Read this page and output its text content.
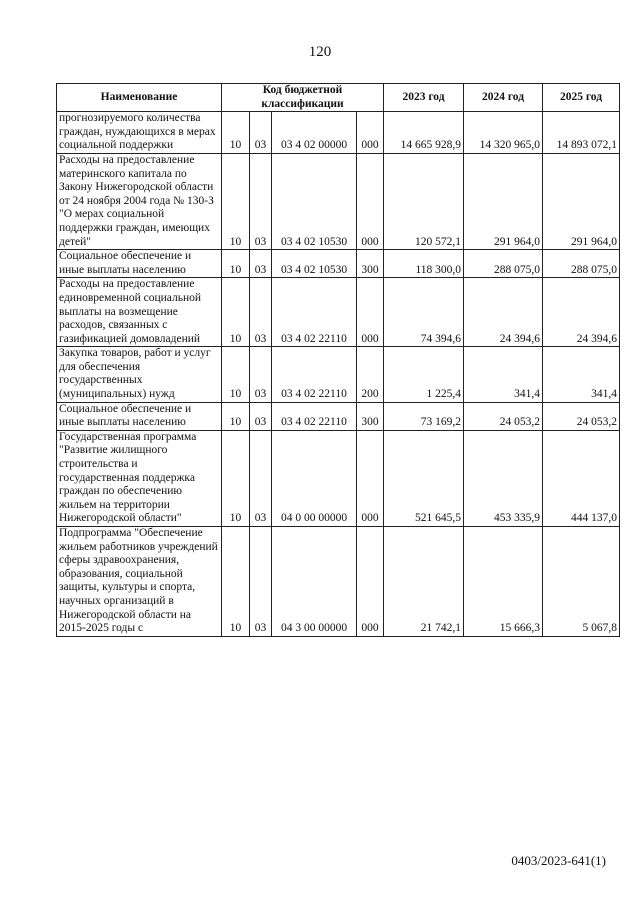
120
Наименование	Код бюджетной классификации				2023 год	2024 год	2025 год
прогнозируемого количества граждан, нуждающихся в мерах социальной поддержки	10	03	03 4 02 00000	000	14 665 928,9	14 320 965,0	14 893 072,1
Расходы на предоставление материнского капитала по Закону Нижегородской области от 24 ноября 2004 года № 130-З "О мерах социальной поддержки граждан, имеющих детей"	10	03	03 4 02 10530	000	120 572,1	291 964,0	291 964,0
Социальное обеспечение и иные выплаты населению	10	03	03 4 02 10530	300	118 300,0	288 075,0	288 075,0
Расходы на предоставление единовременной социальной выплаты на возмещение расходов, связанных с газификацией домовладений	10	03	03 4 02 22110	000	74 394,6	24 394,6	24 394,6
Закупка товаров, работ и услуг для обеспечения государственных (муниципальных) нужд	10	03	03 4 02 22110	200	1 225,4	341,4	341,4
Социальное обеспечение и иные выплаты населению	10	03	03 4 02 22110	300	73 169,2	24 053,2	24 053,2
Государственная программа "Развитие жилищного строительства и государственная поддержка граждан по обеспечению жильем на территории Нижегородской области"	10	03	04 0 00 00000	000	521 645,5	453 335,9	444 137,0
Подпрограмма "Обеспечение жильем работников учреждений сферы здравоохранения, образования, социальной защиты, культуры и спорта, научных организаций в Нижегородской области на 2015-2025 годы с	10	03	04 3 00 00000	000	21 742,1	15 666,3	5 067,8
0403/2023-641(1)
